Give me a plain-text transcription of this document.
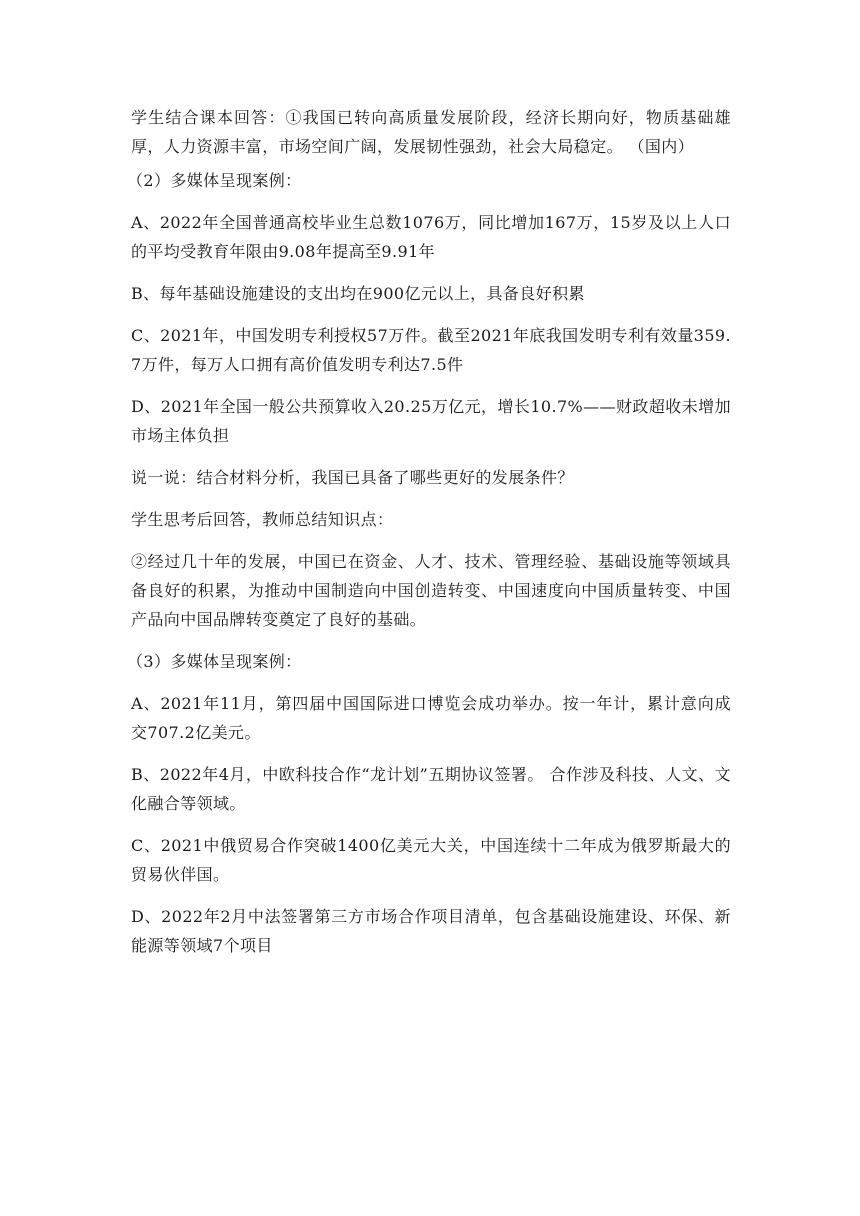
学生结合课本回答：①我国已转向高质量发展阶段，经济长期向好，物质基础雄厚，人力资源丰富，市场空间广阔，发展韧性强劲，社会大局稳定。 （国内）

（2）多媒体呈现案例：

A、2022年全国普通高校毕业生总数1076万，同比增加167万，15岁及以上人口的平均受教育年限由9.08年提高至9.91年

B、每年基础设施建设的支出均在900亿元以上，具备良好积累

C、2021年，中国发明专利授权57万件。截至2021年底我国发明专利有效量359.7万件，每万人口拥有高价值发明专利达7.5件

D、2021年全国一般公共预算收入20.25万亿元，增长10.7%——财政超收未增加市场主体负担

说一说：结合材料分析，我国已具备了哪些更好的发展条件？

学生思考后回答，教师总结知识点：

②经过几十年的发展，中国已在资金、人才、技术、管理经验、基础设施等领域具备良好的积累，为推动中国制造向中国创造转变、中国速度向中国质量转变、中国产品向中国品牌转变奠定了良好的基础。

（3）多媒体呈现案例：

A、2021年11月，第四届中国国际进口博览会成功举办。按一年计，累计意向成交707.2亿美元。

B、2022年4月，中欧科技合作“龙计划”五期协议签署。 合作涉及科技、人文、文化融合等领域。

C、2021中俄贸易合作突破1400亿美元大关，中国连续十二年成为俄罗斯最大的贸易伙伴国。

D、2022年2月中法签署第三方市场合作项目清单，包含基础设施建设、环保、新能源等领域7个项目
